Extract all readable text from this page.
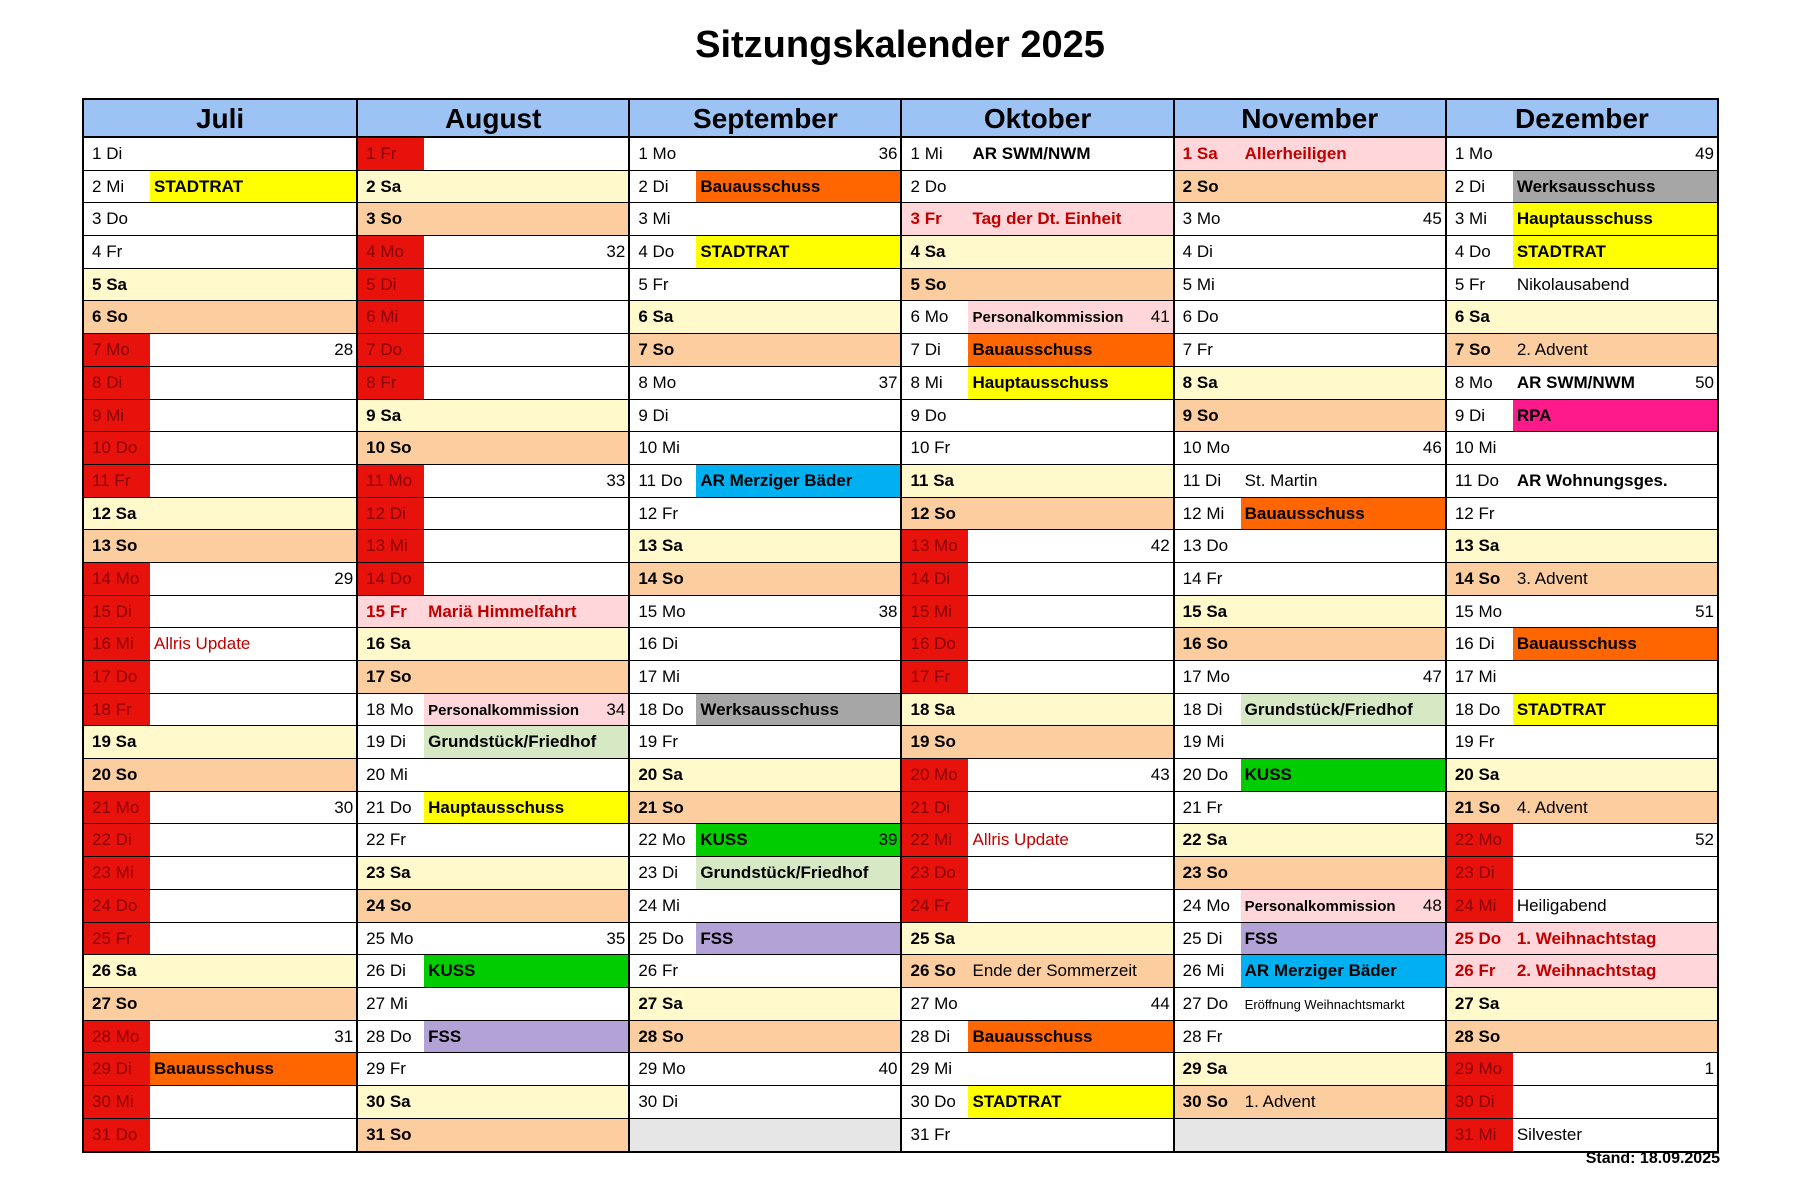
Sitzungskalender 2025
Juli
1 Di
2 Mi	STADTRAT
3 Do
4 Fr
5 Sa
6 So
7 Mo	28
8 Di
9 Mi
10 Do
11 Fr
12 Sa
13 So
14 Mo	29
15 Di
16 Mi	Allris Update
17 Do
18 Fr
19 Sa
20 So
21 Mo	30
22 Di
23 Mi
24 Do
25 Fr
26 Sa
27 So
28 Mo	31
29 Di	Bauausschuss
30 Mi
31 Do
August
1 Fr
2 Sa
3 So
4 Mo	32
5 Di
6 Mi
7 Do
8 Fr
9 Sa
10 So
11 Mo	33
12 Di
13 Mi
14 Do
15 Fr	Mariä Himmelfahrt
16 Sa
17 So
18 Mo Personalkommission 34
19 Di	Grundstück/Friedhof
20 Mi
21 Do Hauptausschuss
22 Fr
23 Sa
24 So
25 Mo	35
26 Di	KUSS
27 Mi
28 Do FSS
29 Fr
30 Sa
31 So
September
1 Mo	36
2 Di	Bauausschuss
3 Mi
4 Do	STADTRAT
5 Fr
6 Sa
7 So
8 Mo	37
9 Di
10 Mi
11 Do	AR Merziger Bäder
12 Fr
13 Sa
14 So
15 Mo	38
16 Di
17 Mi
18 Do Werksausschuss
19 Fr
20 Sa
21 So
22 Mo KUSS	39
23 Di	Grundstück/Friedhof
24 Mi
25 Do FSS
26 Fr
27 Sa
28 So
29 Mo	40
30 Di
Oktober
1 Mi	AR SWM/NWM
2 Do
3 Fr	Tag der Dt. Einheit
4 Sa
5 So
6 Mo	Personalkommission 41
7 Di	Bauausschuss
8 Mi	Hauptausschuss
9 Do
10 Fr
11 Sa
12 So
13 Mo	42
14 Di
15 Mi
16 Do
17 Fr
18 Sa
19 So
20 Mo	43
21 Di
22 Mi	Allris Update
23 Do
24 Fr
25 Sa
26 So Ende der Sommerzeit
27 Mo	44
28 Di	Bauausschuss
29 Mi
30 Do STADTRAT
31 Fr
November
1 Sa	Allerheiligen
2 So
3 Mo	45
4 Di
5 Mi
6 Do
7 Fr
8 Sa
9 So
10 Mo	46
11 Di	St. Martin
12 Mi	Bauausschuss
13 Do
14 Fr
15 Sa
16 So
17 Mo	47
18 Di	Grundstück/Friedhof
19 Mi
20 Do KUSS
21 Fr
22 Sa
23 So
24 Mo Personalkommission 48
25 Di	FSS
26 Mi	AR Merziger Bäder
27 Do	Eröffnung Weihnachtsmarkt
28 Fr
29 Sa
30 So 1. Advent
Dezember
1 Mo	49
2 Di	Werksausschuss
3 Mi	Hauptausschuss
4 Do	STADTRAT
5 Fr	Nikolausabend
6 Sa
7 So	2. Advent
8 Mo	AR SWM/NWM	50
9 Di	RPA
10 Mi
11 Do	AR Wohnungsges.
12 Fr
13 Sa
14 So 3. Advent
15 Mo	51
16 Di	Bauausschuss
17 Mi
18 Do STADTRAT
19 Fr
20 Sa
21 So 4. Advent
22 Mo	52
23 Di
24 Mi	Heiligabend
25 Do 1. Weihnachtstag
26 Fr	2. Weihnachtstag
27 Sa
28 So
29 Mo	1
30 Di
31 Mi	Silvester
Stand: 18.09.2025
